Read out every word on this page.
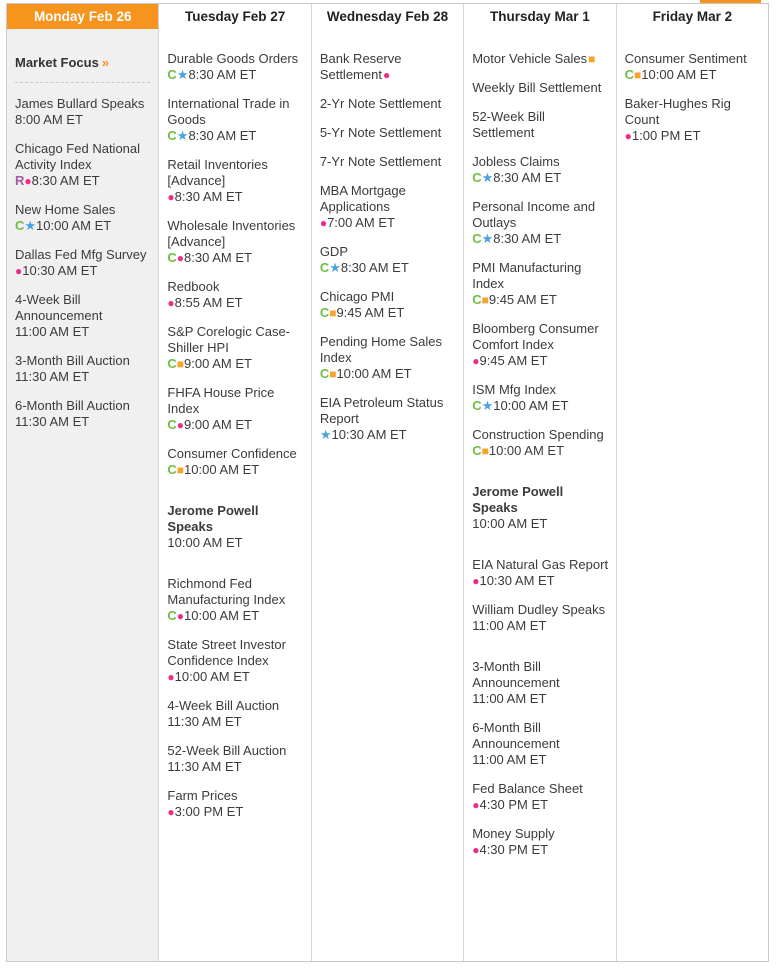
Monday Feb 26
Market Focus »
James Bullard Speaks
8:00 AM ET
Chicago Fed National Activity Index
R●8:30 AM ET
New Home Sales
C★10:00 AM ET
Dallas Fed Mfg Survey
●10:30 AM ET
4-Week Bill Announcement
11:00 AM ET
3-Month Bill Auction
11:30 AM ET
6-Month Bill Auction
11:30 AM ET
Tuesday Feb 27
Durable Goods Orders
C★8:30 AM ET
International Trade in Goods
C★8:30 AM ET
Retail Inventories [Advance]
●8:30 AM ET
Wholesale Inventories [Advance]
C●8:30 AM ET
Redbook
●8:55 AM ET
S&P Corelogic Case-Shiller HPI
C■9:00 AM ET
FHFA House Price Index
C●9:00 AM ET
Consumer Confidence
C■10:00 AM ET
Jerome Powell Speaks
10:00 AM ET
Richmond Fed Manufacturing Index
C●10:00 AM ET
State Street Investor Confidence Index
●10:00 AM ET
4-Week Bill Auction
11:30 AM ET
52-Week Bill Auction
11:30 AM ET
Farm Prices
●3:00 PM ET
Wednesday Feb 28
Bank Reserve Settlement●
2-Yr Note Settlement
5-Yr Note Settlement
7-Yr Note Settlement
MBA Mortgage Applications
●7:00 AM ET
GDP
C★8:30 AM ET
Chicago PMI
C■9:45 AM ET
Pending Home Sales Index
C■10:00 AM ET
EIA Petroleum Status Report
★10:30 AM ET
Thursday Mar 1
Motor Vehicle Sales■
Weekly Bill Settlement
52-Week Bill Settlement
Jobless Claims
C★8:30 AM ET
Personal Income and Outlays
C★8:30 AM ET
PMI Manufacturing Index
C■9:45 AM ET
Bloomberg Consumer Comfort Index
●9:45 AM ET
ISM Mfg Index
C★10:00 AM ET
Construction Spending
C■10:00 AM ET
Jerome Powell Speaks
10:00 AM ET
EIA Natural Gas Report
●10:30 AM ET
William Dudley Speaks
11:00 AM ET
3-Month Bill Announcement
11:00 AM ET
6-Month Bill Announcement
11:00 AM ET
Fed Balance Sheet
●4:30 PM ET
Money Supply
●4:30 PM ET
Friday Mar 2
Consumer Sentiment
C■10:00 AM ET
Baker-Hughes Rig Count
●1:00 PM ET
